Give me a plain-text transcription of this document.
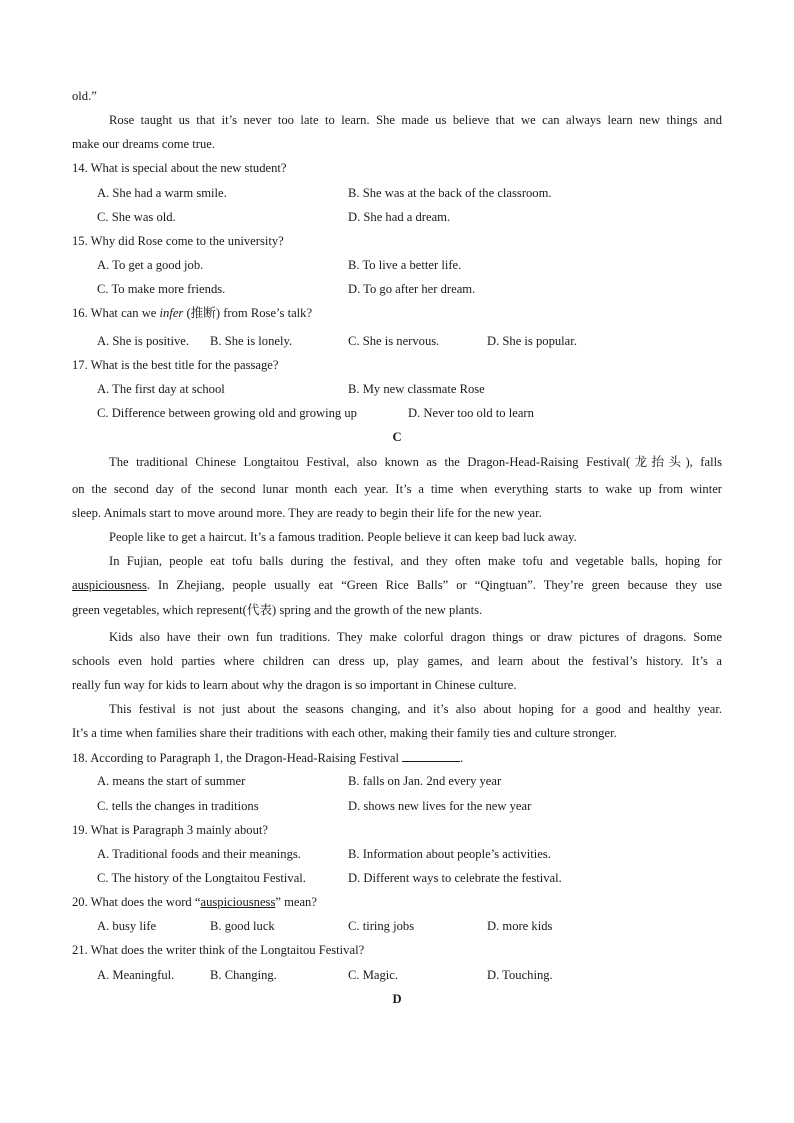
old.”
Rose taught us that it’s never too late to learn. She made us believe that we can always learn new things and
make our dreams come true.
14. What is special about the new student?
A. She had a warm smile.	B. She was at the back of the classroom.
C. She was old.	D. She had a dream.
15. Why did Rose come to the university?
A. To get a good job.	B. To live a better life.
C. To make more friends.	D. To go after her dream.
16. What can we infer (推断) from Rose’s talk?
A. She is positive. B. She is lonely.	C. She is nervous.	D. She is popular.
17. What is the best title for the passage?
A. The first day at school	B. My new classmate Rose
C. Difference between growing old and growing up	D. Never too old to learn
C
The traditional Chinese Longtaitou Festival, also known as the Dragon-Head-Raising Festival(龙抬头), falls
on the second day of the second lunar month each year. It’s a time when everything starts to wake up from winter
sleep. Animals start to move around more. They are ready to begin their life for the new year.
People like to get a haircut. It’s a famous tradition. People believe it can keep bad luck away.
In Fujian, people eat tofu balls during the festival, and they often make tofu and vegetable balls, hoping for
auspiciousness. In Zhejiang, people usually eat “Green Rice Balls” or “Qingtuan”. They’re green because they use
green vegetables, which represent(代表) spring and the growth of the new plants.
Kids also have their own fun traditions. They make colorful dragon things or draw pictures of dragons. Some
schools even hold parties where children can dress up, play games, and learn about the festival’s history. It’s a
really fun way for kids to learn about why the dragon is so important in Chinese culture.
This festival is not just about the seasons changing, and it’s also about hoping for a good and healthy year.
It’s a time when families share their traditions with each other, making their family ties and culture stronger.
18. According to Paragraph 1, the Dragon-Head-Raising Festival	.
A. means the start of summer	B. falls on Jan. 2nd every year
C. tells the changes in traditions	D. shows new lives for the new year
19. What is Paragraph 3 mainly about?
A. Traditional foods and their meanings.	B. Information about people’s activities.
C. The history of the Longtaitou Festival.	D. Different ways to celebrate the festival.
20. What does the word “auspiciousness” mean?
A. busy life	B. good luck	C. tiring jobs	D. more kids
21. What does the writer think of the Longtaitou Festival?
A. Meaningful.	B. Changing.	C. Magic.	D. Touching.
D
